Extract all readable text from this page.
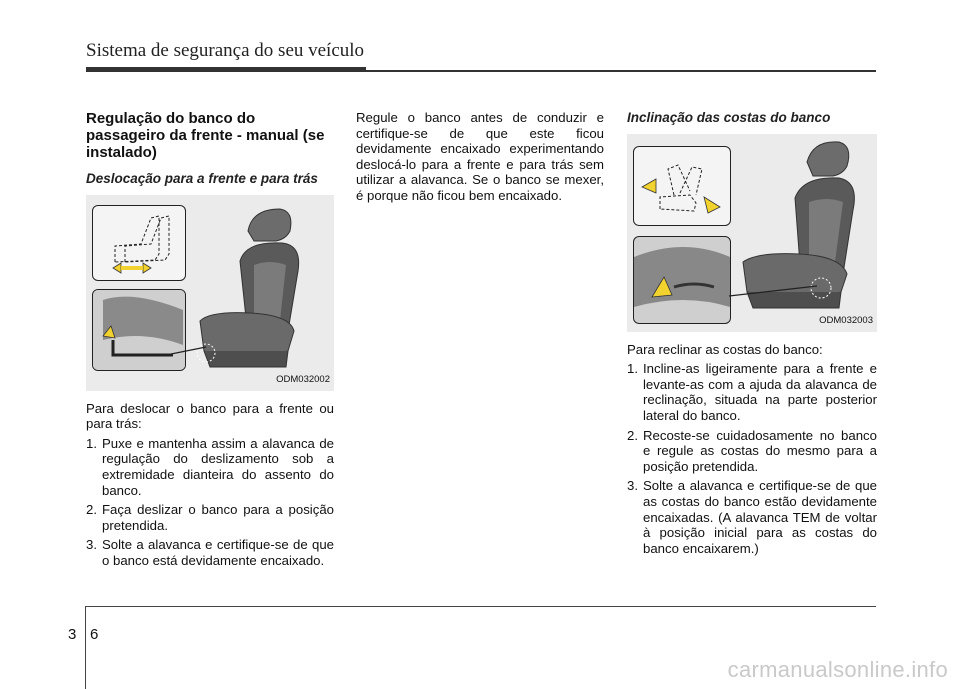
Sistema de segurança do seu veículo
Regulação do banco do passageiro da frente - manual (se instalado)
Deslocação para a frente e para trás
ODM032002
Para deslocar o banco para a frente ou para trás:
1. Puxe e mantenha assim a alavanca de regulação do deslizamento sob a extremidade dianteira do assento do banco.
2. Faça deslizar o banco para a posição pretendida.
3. Solte a alavanca e certifique-se de que o banco está devidamente encaixado.
Regule o banco antes de conduzir e certifique-se de que este ficou devidamente encaixado experimentando deslocá-lo para a frente e para trás sem utilizar a alavanca. Se o banco se mexer, é porque não ficou bem encaixado.
Inclinação das costas do banco
ODM032003
Para reclinar as costas do banco:
1. Incline-as ligeiramente para a frente e levante-as com a ajuda da alavanca de reclinação, situada na parte posterior lateral do banco.
2. Recoste-se cuidadosamente no banco e regule as costas do mesmo para a posição pretendida.
3. Solte a alavanca e certifique-se de que as costas do banco estão devidamente encaixadas. (A alavanca TEM de voltar à posição inicial para as costas do banco encaixarem.)
3 6
carmanualsonline.info
